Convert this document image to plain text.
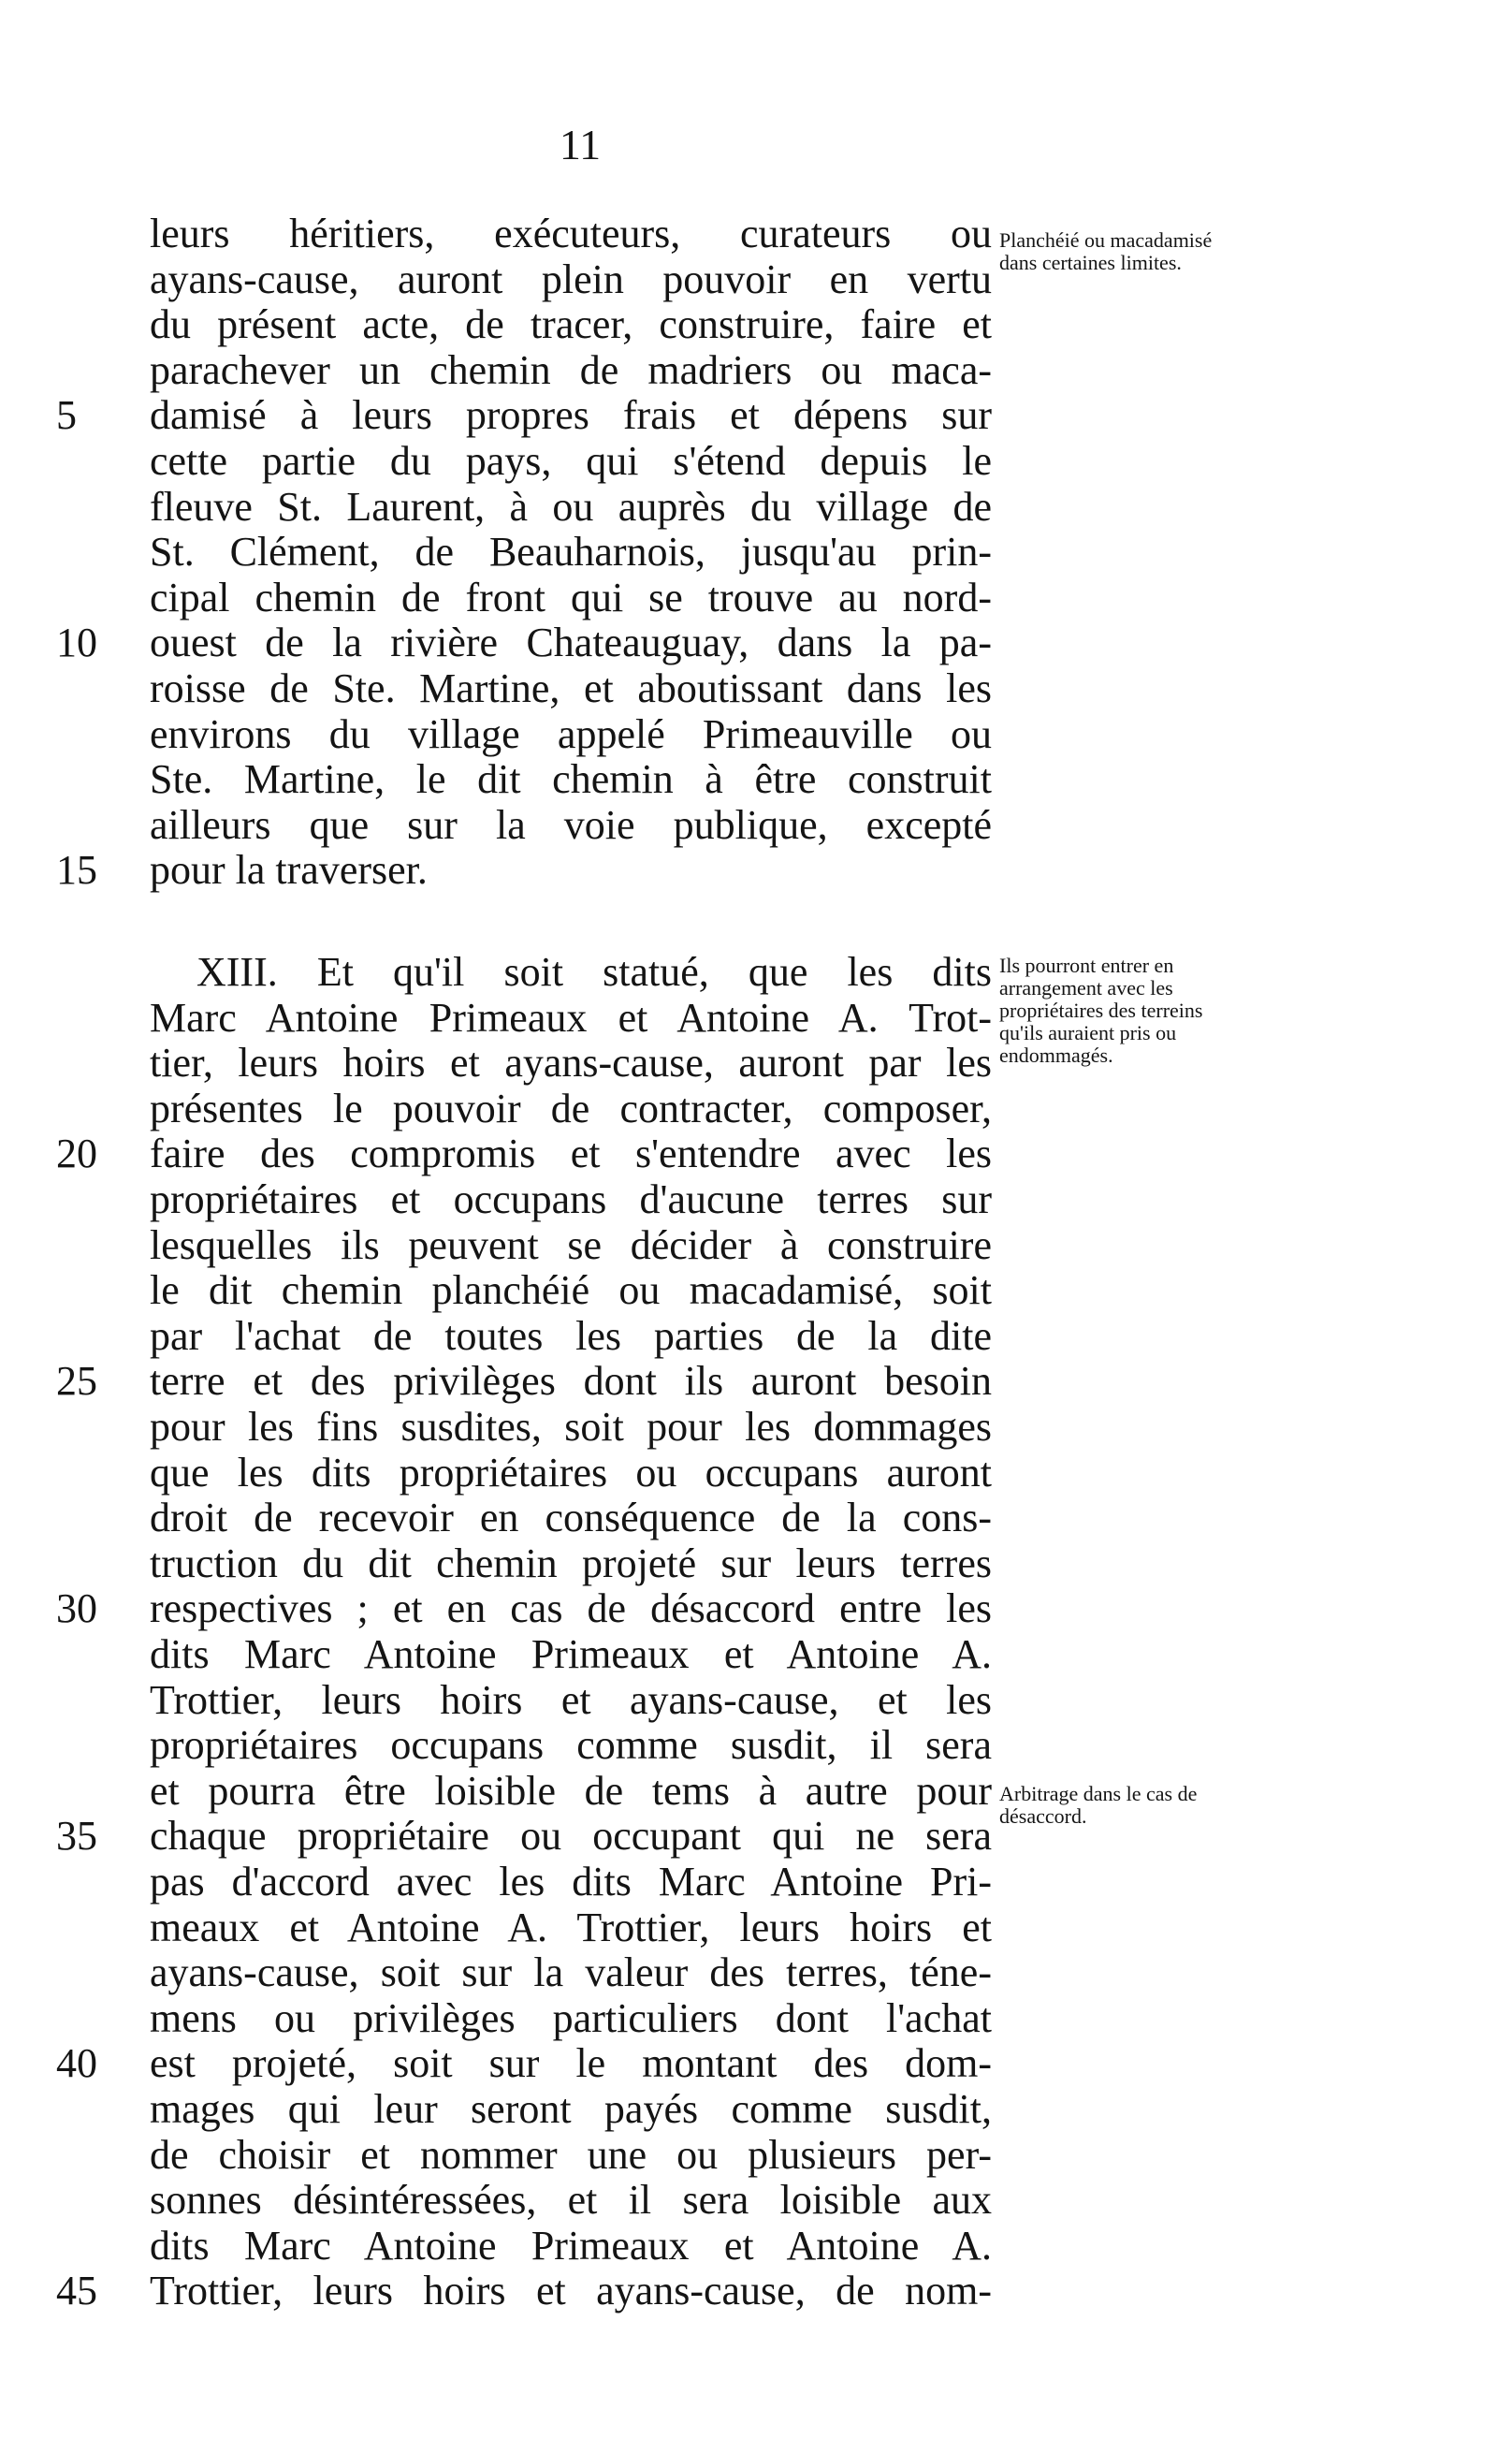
11
leurs héritiers, exécuteurs, curateurs ou
ayans-cause, auront plein pouvoir en vertu
du présent acte, de tracer, construire, faire et
parachever un chemin de madriers ou maca-
damisé à leurs propres frais et dépens sur
cette partie du pays, qui s'étend depuis le
fleuve St. Laurent, à ou auprès du village de
St. Clément, de Beauharnois, jusqu'au prin-
cipal chemin de front qui se trouve au nord-
ouest de la rivière Chateauguay, dans la pa-
roisse de Ste. Martine, et aboutissant dans les
environs du village appelé Primeauville ou
Ste. Martine, le dit chemin à être construit
ailleurs que sur la voie publique, excepté
pour la traverser.
XIII. Et qu'il soit statué, que les dits
Marc Antoine Primeaux et Antoine A. Trot-
tier, leurs hoirs et ayans-cause, auront par les
présentes le pouvoir de contracter, composer,
faire des compromis et s'entendre avec les
propriétaires et occupans d'aucune terres sur
lesquelles ils peuvent se décider à construire
le dit chemin planchéié ou macadamisé, soit
par l'achat de toutes les parties de la dite
terre et des privilèges dont ils auront besoin
pour les fins susdites, soit pour les dommages
que les dits propriétaires ou occupans auront
droit de recevoir en conséquence de la cons-
truction du dit chemin projeté sur leurs terres
respectives ; et en cas de désaccord entre les
dits Marc Antoine Primeaux et Antoine A.
Trottier, leurs hoirs et ayans-cause, et les
propriétaires occupans comme susdit, il sera
et pourra être loisible de tems à autre pour
chaque propriétaire ou occupant qui ne sera
pas d'accord avec les dits Marc Antoine Pri-
meaux et Antoine A. Trottier, leurs hoirs et
ayans-cause, soit sur la valeur des terres, téne-
mens ou privilèges particuliers dont l'achat
est projeté, soit sur le montant des dom-
mages qui leur seront payés comme susdit,
de choisir et nommer une ou plusieurs per-
sonnes désintéressées, et il sera loisible aux
dits Marc Antoine Primeaux et Antoine A.
Trottier, leurs hoirs et ayans-cause, de nom-
5
10
15
20
25
30
35
40
45
Planchéié ou macadamisé dans certaines limites.
Ils pourront entrer en arrangement avec les propriétaires des terreins qu'ils auraient pris ou endommagés.
Arbitrage dans le cas de désaccord.
